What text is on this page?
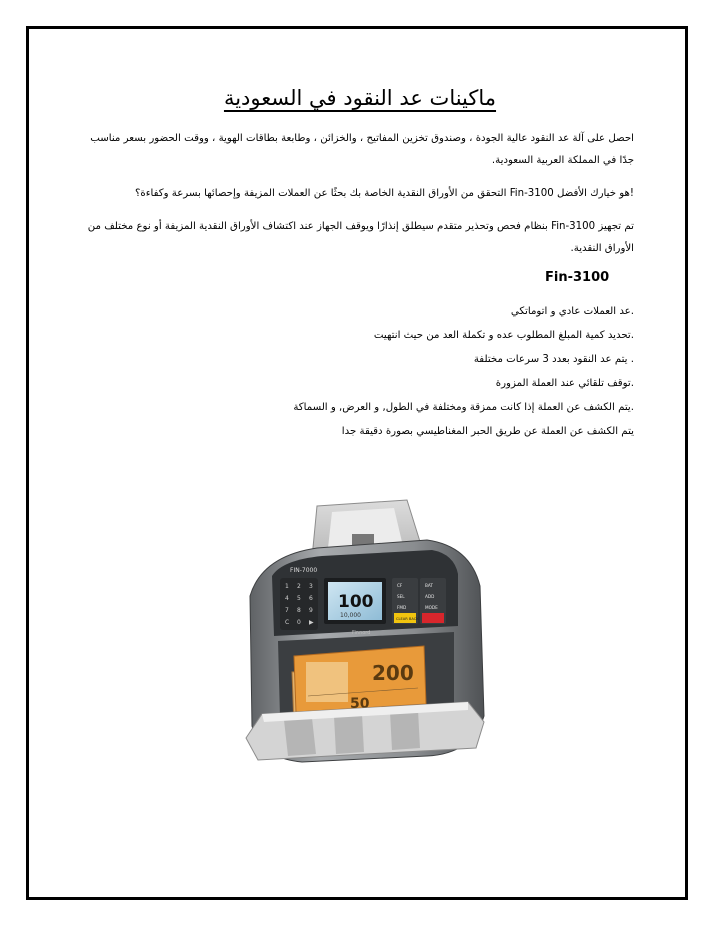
ماكينات عد النقود في السعودية
احصل على آلة عد النقود عالية الجودة ، وصندوق تخزين المفاتيح ، والخزائن ، وطابعة بطاقات الهوية ، ووقت الحضور بسعر مناسب جدًا في المملكة العربية السعودية.
!هو خيارك الأفضل Fin-3100 التحقق من الأوراق النقدية الخاصة بك بحثًا عن العملات المزيفة وإحصائها بسرعة وكفاءة؟
تم تجهيز Fin-3100 بنظام فحص وتحذير متقدم سيطلق إنذارًا ويوقف الجهاز عند اكتشاف الأوراق النقدية المزيفة أو نوع مختلف من الأوراق النقدية.
Fin-3100
.عد العملات عادي و اتوماتكي
.تحديد كمية المبلغ المطلوب عده و تكملة العد من حيث انتهيت
. يتم عد النقود بعدد 3 سرعات مختلفة
.توقف تلقائي عند العملة المزورة
.يتم الكشف عن العملة إذا كانت ممزقة ومختلفة في الطول, و العرض, و السماكة
يتم الكشف عن العملة عن طريق الحبر المغناطيسي بصورة دقيقة جدا
FIN-7000
1 2 3
4 5 6
7 8 9
C 0 ▶
100
10,000
CF	BAT
SEL	ADD
FMD	MODE
CLEAR BACK
Finnord
200
50
